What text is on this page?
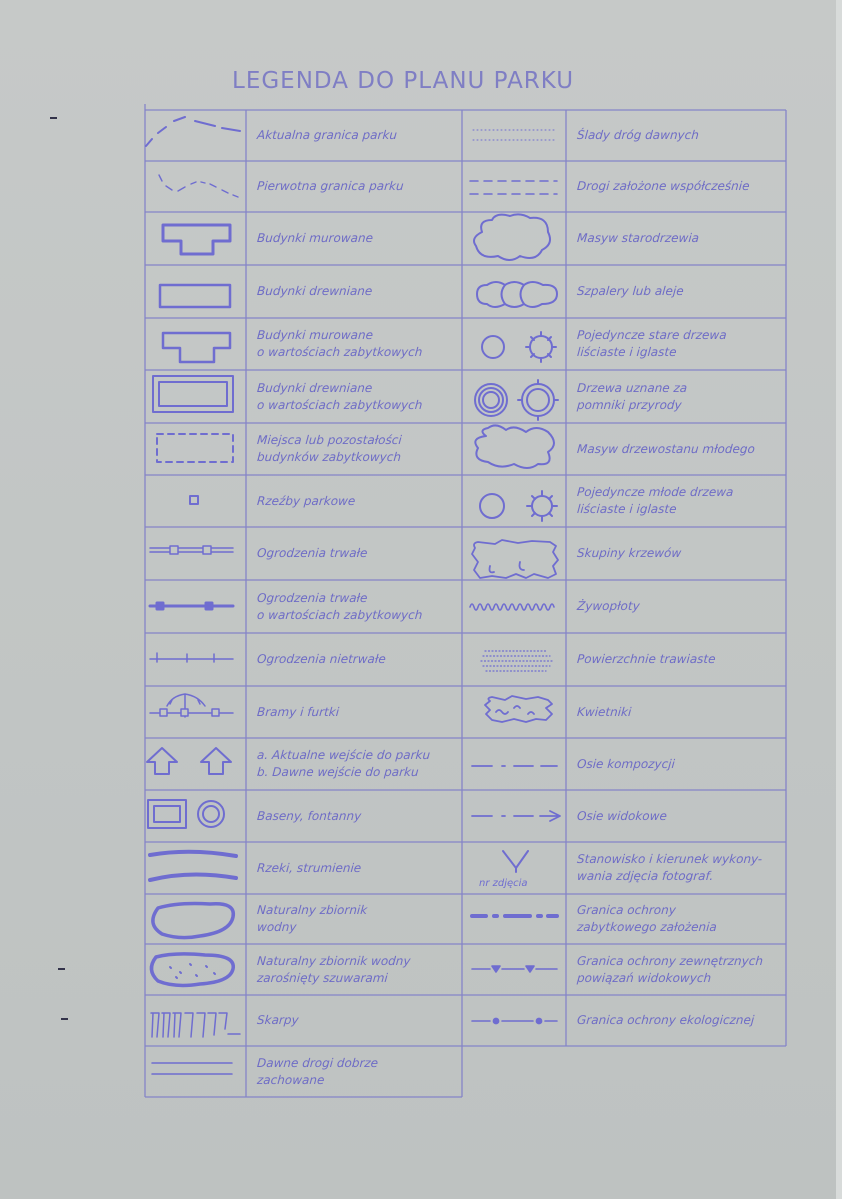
LEGENDA DO PLANU PARKU
nr zdjęcia
Aktualna granica parku
Pierwotna granica parku
Budynki murowane
Budynki drewniane
Budynki murowane
o wartościach zabytkowych
Budynki drewniane
o wartościach zabytkowych
Miejsca lub pozostałości
budynków zabytkowych
Rzeźby parkowe
Ogrodzenia trwałe
Ogrodzenia trwałe
o wartościach zabytkowych
Ogrodzenia nietrwałe
Bramy i furtki
a. Aktualne wejście do parku
b. Dawne wejście do parku
Baseny, fontanny
Rzeki, strumienie
Naturalny zbiornik
wodny
Naturalny zbiornik wodny
zarośnięty szuwarami
Skarpy
Dawne drogi dobrze
zachowane
Ślady dróg dawnych
Drogi założone współcześnie
Masyw starodrzewia
Szpalery lub aleje
Pojedyncze stare drzewa
liściaste i iglaste
Drzewa uznane za
pomniki przyrody
Masyw drzewostanu młodego
Pojedyncze młode drzewa
liściaste i iglaste
Skupiny krzewów
Żywopłoty
Powierzchnie trawiaste
Kwietniki
Osie kompozycji
Osie widokowe
Stanowisko i kierunek wykony-
wania zdjęcia fotograf.
Granica ochrony
zabytkowego założenia
Granica ochrony zewnętrznych
powiązań widokowych
Granica ochrony ekologicznej
